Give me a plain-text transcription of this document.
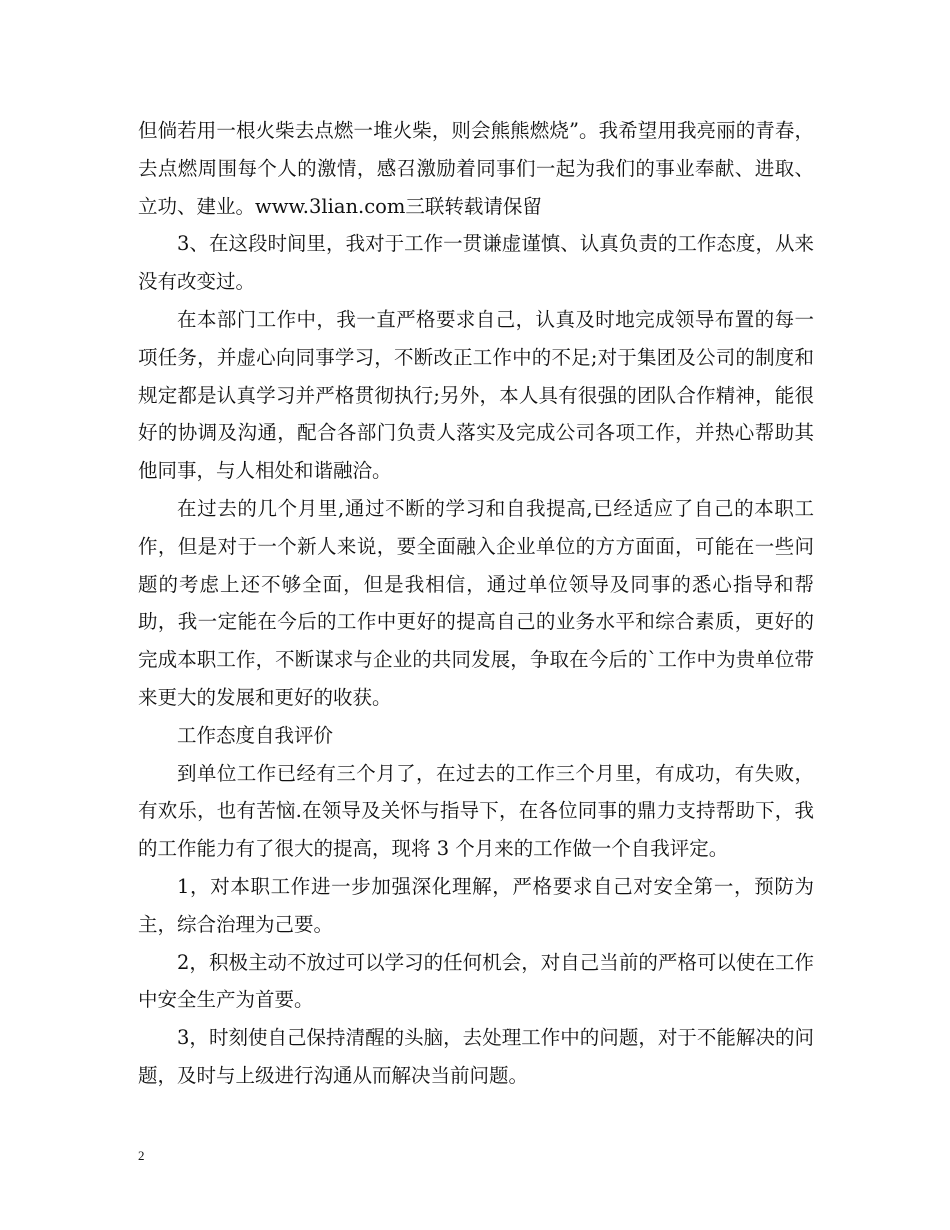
但倘若用一根火柴去点燃一堆火柴，则会熊熊燃烧”。我希望用我亮丽的青春，去点燃周围每个人的激情，感召激励着同事们一起为我们的事业奉献、进取、立功、建业。www.3lian.com三联转载请保留

3、在这段时间里，我对于工作一贯谦虚谨慎、认真负责的工作态度，从来没有改变过。

在本部门工作中，我一直严格要求自己，认真及时地完成领导布置的每一项任务，并虚心向同事学习，不断改正工作中的不足;对于集团及公司的制度和规定都是认真学习并严格贯彻执行;另外，本人具有很强的团队合作精神，能很好的协调及沟通，配合各部门负责人落实及完成公司各项工作，并热心帮助其他同事，与人相处和谐融洽。

在过去的几个月里,通过不断的学习和自我提高,已经适应了自己的本职工作，但是对于一个新人来说，要全面融入企业单位的方方面面，可能在一些问题的考虑上还不够全面，但是我相信，通过单位领导及同事的悉心指导和帮助，我一定能在今后的工作中更好的提高自己的业务水平和综合素质，更好的完成本职工作，不断谋求与企业的共同发展，争取在今后的`工作中为贵单位带来更大的发展和更好的收获。

工作态度自我评价

到单位工作已经有三个月了，在过去的工作三个月里，有成功，有失败，有欢乐，也有苦恼.在领导及关怀与指导下，在各位同事的鼎力支持帮助下，我的工作能力有了很大的提高，现将 3 个月来的工作做一个自我评定。

1，对本职工作进一步加强深化理解，严格要求自己对安全第一，预防为主，综合治理为己要。

2，积极主动不放过可以学习的任何机会，对自己当前的严格可以使在工作中安全生产为首要。

3，时刻使自己保持清醒的头脑，去处理工作中的问题，对于不能解决的问题，及时与上级进行沟通从而解决当前问题。

2
